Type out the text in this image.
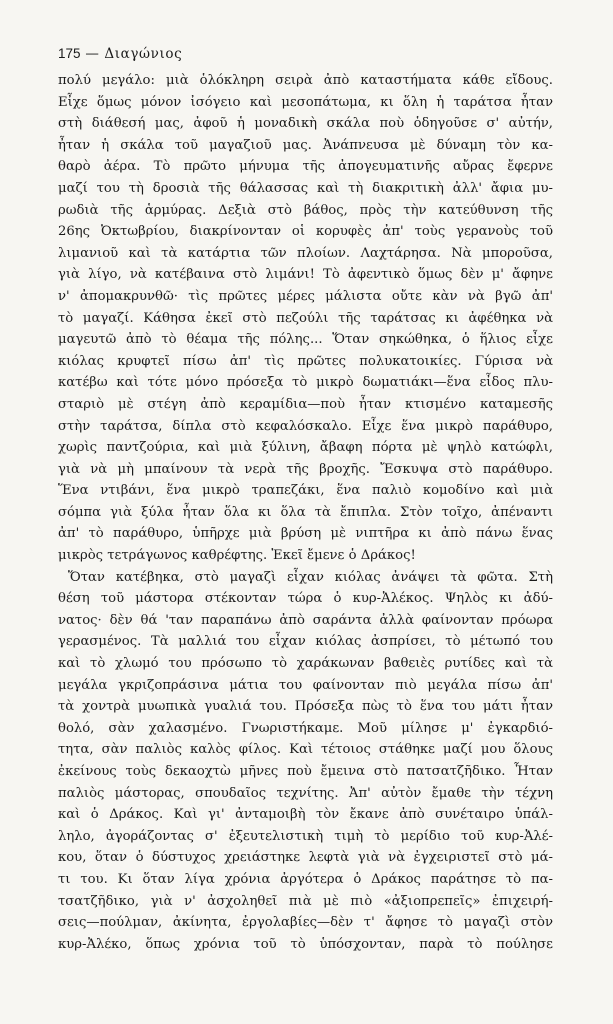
175 — Διαγώνιος
πολύ μεγάλο: μιὰ ὁλόκληρη σειρὰ ἀπὸ καταστήματα κάθε εἴδους.
Εἶχε ὅμως μόνον ἰσόγειο καὶ μεσοπάτωμα, κι ὅλη ἡ ταράτσα ἦταν
στὴ διάθεσή μας, ἀφοῦ ἡ μοναδικὴ σκάλα ποὺ ὁδηγοῦσε σ' αὐτήν,
ἦταν ἡ σκάλα τοῦ μαγαζιοῦ μας. Ἀνάπνευσα μὲ δύναμη τὸν κα-
θαρὸ ἀέρα. Τὸ πρῶτο μήνυμα τῆς ἀπογευματινῆς αὔρας ἔφερνε
μαζί του τὴ δροσιὰ τῆς θάλασσας καὶ τὴ διακριτικὴ ἀλλ' ἄφια μυ-
ρωδιὰ τῆς ἁρμύρας. Δεξιὰ στὸ βάθος, πρὸς τὴν κατεύθυνση τῆς
26ης Ὀκτωβρίου, διακρίνονταν οἱ κορυφὲς ἀπ' τοὺς γερανοὺς τοῦ
λιμανιοῦ καὶ τὰ κατάρτια τῶν πλοίων. Λαχτάρησα. Νὰ μποροῦσα,
γιὰ λίγο, νὰ κατέβαινα στὸ λιμάνι! Τὸ ἀφεντικὸ ὅμως δὲν μ' ἄφηνε
ν' ἀπομακρυνθῶ· τὶς πρῶτες μέρες μάλιστα οὔτε κὰν νὰ βγῶ ἀπ'
τὸ μαγαζί. Κάθησα ἐκεῖ στὸ πεζούλι τῆς ταράτσας κι ἀφέθηκα νὰ
μαγευτῶ ἀπὸ τὸ θέαμα τῆς πόλης... Ὅταν σηκώθηκα, ὁ ἥλιος εἶχε
κιόλας κρυφτεῖ πίσω ἀπ' τὶς πρῶτες πολυκατοικίες. Γύρισα νὰ
κατέβω καὶ τότε μόνο πρόσεξα τὸ μικρὸ δωματιάκι—ἕνα εἶδος πλυ-
σταριὸ μὲ στέγη ἀπὸ κεραμίδια—ποὺ ἦταν κτισμένο καταμεσῆς
στὴν ταράτσα, δίπλα στὸ κεφαλόσκαλο. Εἶχε ἕνα μικρὸ παράθυρο,
χωρὶς παντζούρια, καὶ μιὰ ξύλινη, ἄβαφη πόρτα μὲ ψηλὸ κατώφλι,
γιὰ νὰ μὴ μπαίνουν τὰ νερὰ τῆς βροχῆς. Ἔσκυψα στὸ παράθυρο.
Ἕνα ντιβάνι, ἕνα μικρὸ τραπεζάκι, ἕνα παλιὸ κομοδίνο καὶ μιὰ
σόμπα γιὰ ξύλα ἦταν ὅλα κι ὅλα τὰ ἔπιπλα. Στὸν τοῖχο, ἀπέναντι
ἀπ' τὸ παράθυρο, ὑπῆρχε μιὰ βρύση μὲ νιπτῆρα κι ἀπὸ πάνω ἕνας
μικρὸς τετράγωνος καθρέφτης. Ἐκεῖ ἔμενε ὁ Δράκος!
Ὅταν κατέβηκα, στὸ μαγαζὶ εἶχαν κιόλας ἀνάψει τὰ φῶτα. Στὴ
θέση τοῦ μάστορα στέκονταν τώρα ὁ κυρ-Ἀλέκος. Ψηλὸς κι ἀδύ-
νατος· δὲν θά 'ταν παραπάνω ἀπὸ σαράντα ἀλλὰ φαίνονταν πρόωρα
γερασμένος. Τὰ μαλλιά του εἶχαν κιόλας ἀσπρίσει, τὸ μέτωπό του
καὶ τὸ χλωμό του πρόσωπο τὸ χαράκωναν βαθειὲς ρυτίδες καὶ τὰ
μεγάλα γκριζοπράσινα μάτια του φαίνονταν πιὸ μεγάλα πίσω ἀπ'
τὰ χοντρὰ μυωπικὰ γυαλιά του. Πρόσεξα πὼς τὸ ἕνα του μάτι ἦταν
θολό, σὰν χαλασμένο. Γνωριστήκαμε. Μοῦ μίλησε μ' ἐγκαρδιό-
τητα, σὰν παλιὸς καλὸς φίλος. Καὶ τέτοιος στάθηκε μαζί μου ὅλους
ἐκείνους τοὺς δεκαοχτὼ μῆνες ποὺ ἔμεινα στὸ πατσατζῆδικο. Ἦταν
παλιὸς μάστορας, σπουδαῖος τεχνίτης. Ἀπ' αὐτὸν ἔμαθε τὴν τέχνη
καὶ ὁ Δράκος. Καὶ γι' ἀνταμοιβὴ τὸν ἔκανε ἀπὸ συνέταιρο ὑπάλ-
ληλο, ἀγοράζοντας σ' ἐξευτελιστικὴ τιμὴ τὸ μερίδιο τοῦ κυρ-Ἀλέ-
κου, ὅταν ὁ δύστυχος χρειάστηκε λεφτὰ γιὰ νὰ ἐγχειριστεῖ στὸ μά-
τι του. Κι ὅταν λίγα χρόνια ἀργότερα ὁ Δράκος παράτησε τὸ πα-
τσατζῆδικο, γιὰ ν' ἀσχοληθεῖ πιὰ μὲ πιὸ «ἀξιοπρεπεῖς» ἐπιχειρή-
σεις—πούλμαν, ἀκίνητα, ἐργολαβίες—δὲν τ' ἄφησε τὸ μαγαζὶ στὸν
κυρ-Ἀλέκο, ὅπως χρόνια τοῦ τὸ ὑπόσχονταν, παρὰ τὸ πούλησε
